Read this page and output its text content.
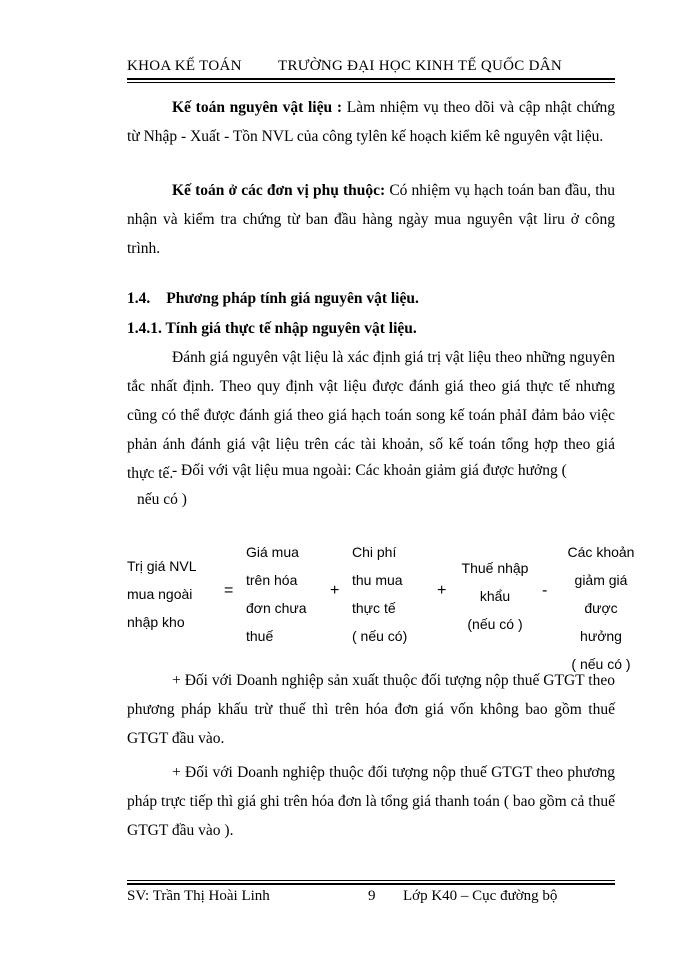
KHOA KẾ TOÁN TRƯỜNG ĐẠI HỌC KINH TẾ QUỐC DÂN

Kế toán nguyên vật liệu : Làm nhiệm vụ theo dõi và cập nhật chứng từ Nhập - Xuất - Tồn NVL của công tylên kế hoạch kiểm kê nguyên vật liệu.

Kế toán ở các đơn vị phụ thuộc: Có nhiệm vụ hạch toán ban đầu, thu nhận và kiểm tra chứng từ ban đầu hàng ngày mua nguyên vật liru ở công trình.

1.4. Phương pháp tính giá nguyên vật liệu.
1.4.1. Tính giá thực tế nhập nguyên vật liệu.

Đánh giá nguyên vật liệu là xác định giá trị vật liệu theo những nguyên tắc nhất định. Theo quy định vật liệu được đánh giá theo giá thực tế nhưng cũng có thể được đánh giá theo giá hạch toán song kế toán phảI đảm bảo việc phản ánh đánh giá vật liệu trên các tài khoản, số kế toán tổng hợp theo giá thực tế.

- Đối với vật liệu mua ngoài: Các khoản giảm giá được hưởng (
nếu có )
Trị giá NVL
mua ngoài
nhập kho
=
Giá mua
trên hóa
đơn chưa
thuế
+
Chi phí
thu mua
thực tế
( nếu có)
+
Thuế nhập
khẩu
(nếu có )
-
Các khoản
giảm giá
được hưởng
( nếu có )

+ Đối với Doanh nghiệp sản xuất thuộc đối tượng nộp thuế GTGT theo phương pháp khấu trừ thuế thì trên hóa đơn giá vốn không bao gồm thuế GTGT đầu vào.

+ Đối với Doanh nghiệp thuộc đối tượng nộp thuế GTGT theo phương pháp trực tiếp thì giá ghi trên hóa đơn là tổng giá thanh toán ( bao gồm cả thuế GTGT đầu vào ).

SV: Trần Thị Hoài Linh	9 Lớp K40 – Cục đường bộ
